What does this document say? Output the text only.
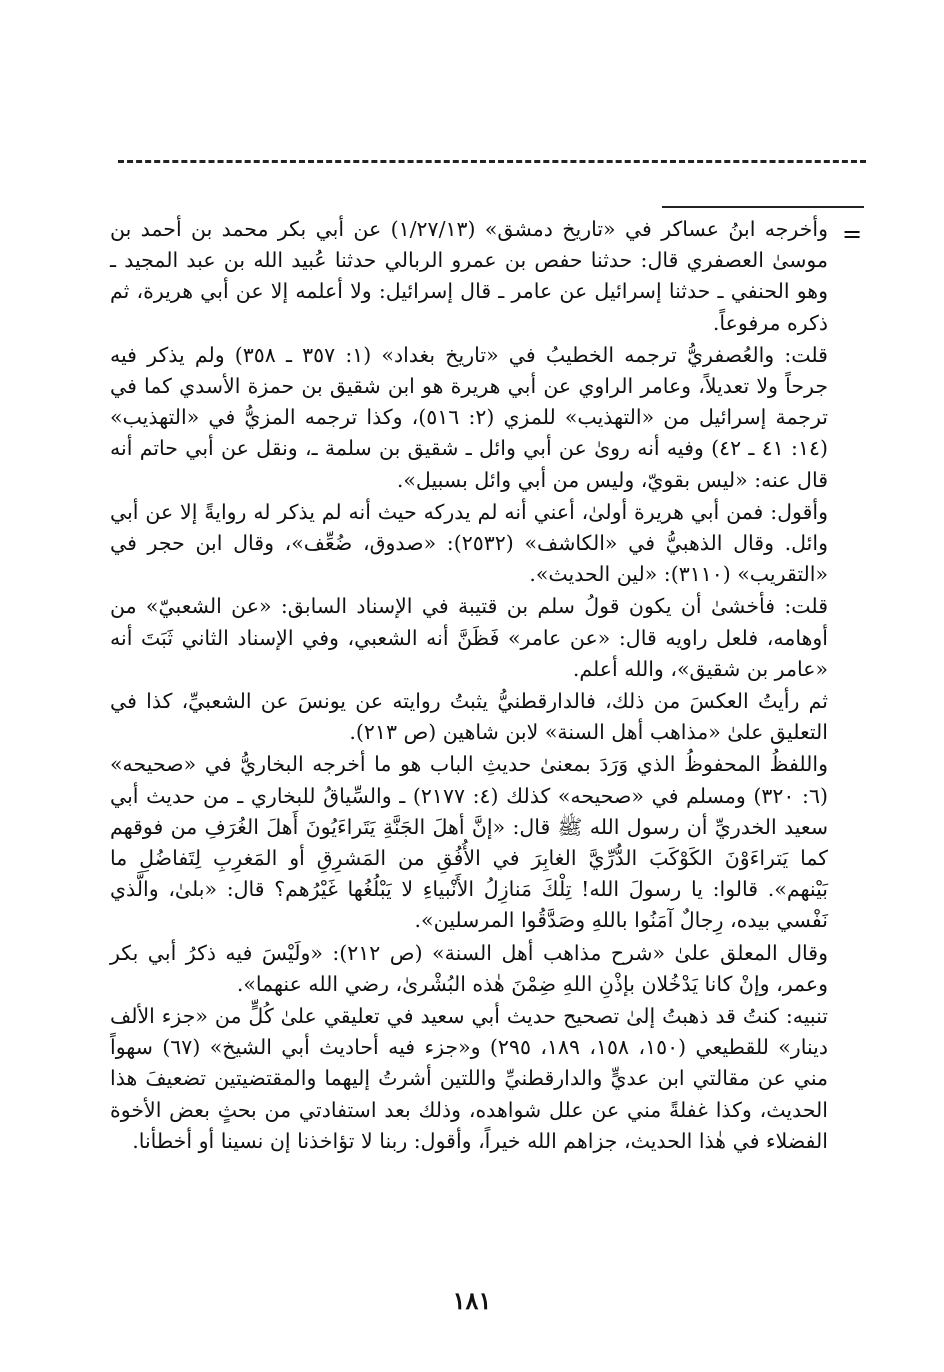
=

وأخرجه ابنُ عساكر في «تاريخ دمشق» (١/٢٧/١٣) عن أبي بكر محمد بن أحمد بن موسىٰ العصفري قال: حدثنا حفص بن عمرو الربالي حدثنا عُبيد الله بن عبد المجيد ـ وهو الحنفي ـ حدثنا إسرائيل عن عامر ـ قال إسرائيل: ولا أعلمه إلا عن أبي هريرة، ثم ذكره مرفوعاً.

قلت: والعُصفريُّ ترجمه الخطيبُ في «تاريخ بغداد» (١: ٣٥٧ ـ ٣٥٨) ولم يذكر فيه جرحاً ولا تعديلاً، وعامر الراوي عن أبي هريرة هو ابن شقيق بن حمزة الأسدي كما في ترجمة إسرائيل من «التهذيب» للمزي (٢: ٥١٦)، وكذا ترجمه المزيُّ في «التهذيب» (١٤: ٤١ ـ ٤٢) وفيه أنه روىٰ عن أبي وائل ـ شقيق بن سلمة ـ، ونقل عن أبي حاتم أنه قال عنه: «ليس بقويّ، وليس من أبي وائل بسبيل».

وأقول: فمن أبي هريرة أولىٰ، أعني أنه لم يدركه حيث أنه لم يذكر له روايةً إلا عن أبي وائل. وقال الذهبيُّ في «الكاشف» (٢٥٣٢): «صدوق، ضُعِّف»، وقال ابن حجر في «التقريب» (٣١١٠): «لين الحديث».

قلت: فأخشىٰ أن يكون قولُ سلم بن قتيبة في الإسناد السابق: «عن الشعبيّ» من أوهامه، فلعل راويه قال: «عن عامر» فَظَنَّ أنه الشعبي، وفي الإسناد الثاني ثَبَتَ أنه «عامر بن شقيق»، والله أعلم.

ثم رأيتُ العكسَ من ذلك، فالدارقطنيُّ يثبتُ روايته عن يونسَ عن الشعبيِّ، كذا في التعليق علىٰ «مذاهب أهل السنة» لابن شاهين (ص ٢١٣).

واللفظُ المحفوظُ الذي وَرَدَ بمعنىٰ حديثِ الباب هو ما أخرجه البخاريُّ في «صحيحه» (٦: ٣٢٠) ومسلم في «صحيحه» كذلك (٤: ٢١٧٧) ـ والسِّياقُ للبخاري ـ من حديث أبي سعيد الخدريِّ أن رسول الله ﷺ قال: «إنَّ أهلَ الجَنَّةِ يَتَراءَيُونَ أَهلَ الغُرَفِ من فوقهم كما يَتراءَوْنَ الكَوْكَبَ الدُّرِّيَّ الغابِرَ في الأُفُقِ من المَشرِقِ أو المَغرِبِ لِتَفاضُلِ ما بَيْنهم». قالوا: يا رسولَ الله! تِلْكَ مَنازِلُ الأَنْبياءِ لا يَبْلُغُها غَيْرُهم؟ قال: «بلىٰ، والَّذي نَفْسي بيده، رِجالٌ آمَنُوا باللهِ وصَدَّقُوا المرسلين».

وقال المعلق علىٰ «شرح مذاهب أهل السنة» (ص ٢١٢): «ولَيْسَ فيه ذكرُ أبي بكر وعمر، وإنْ كانا يَدْخُلان بإذْنِ اللهِ ضِمْنَ هٰذه البُشْرىٰ، رضي الله عنهما».

تنبيه: كنتُ قد ذهبتُ إلىٰ تصحيح حديث أبي سعيد في تعليقي علىٰ كُلٍّ من «جزء الألف دينار» للقطيعي (١٥٠، ١٥٨، ١٨٩، ٢٩٥) و«جزء فيه أحاديث أبي الشيخ» (٦٧) سهواً مني عن مقالتي ابن عديٍّ والدارقطنيِّ واللتين أشرتُ إليهما والمقتضيتين تضعيفَ هذا الحديث، وكذا غفلةً مني عن علل شواهده، وذلك بعد استفادتي من بحثٍ بعض الأخوة الفضلاء في هٰذا الحديث، جزاهم الله خيراً، وأقول: ربنا لا تؤاخذنا إن نسينا أو أخطأنا.

١٨١
